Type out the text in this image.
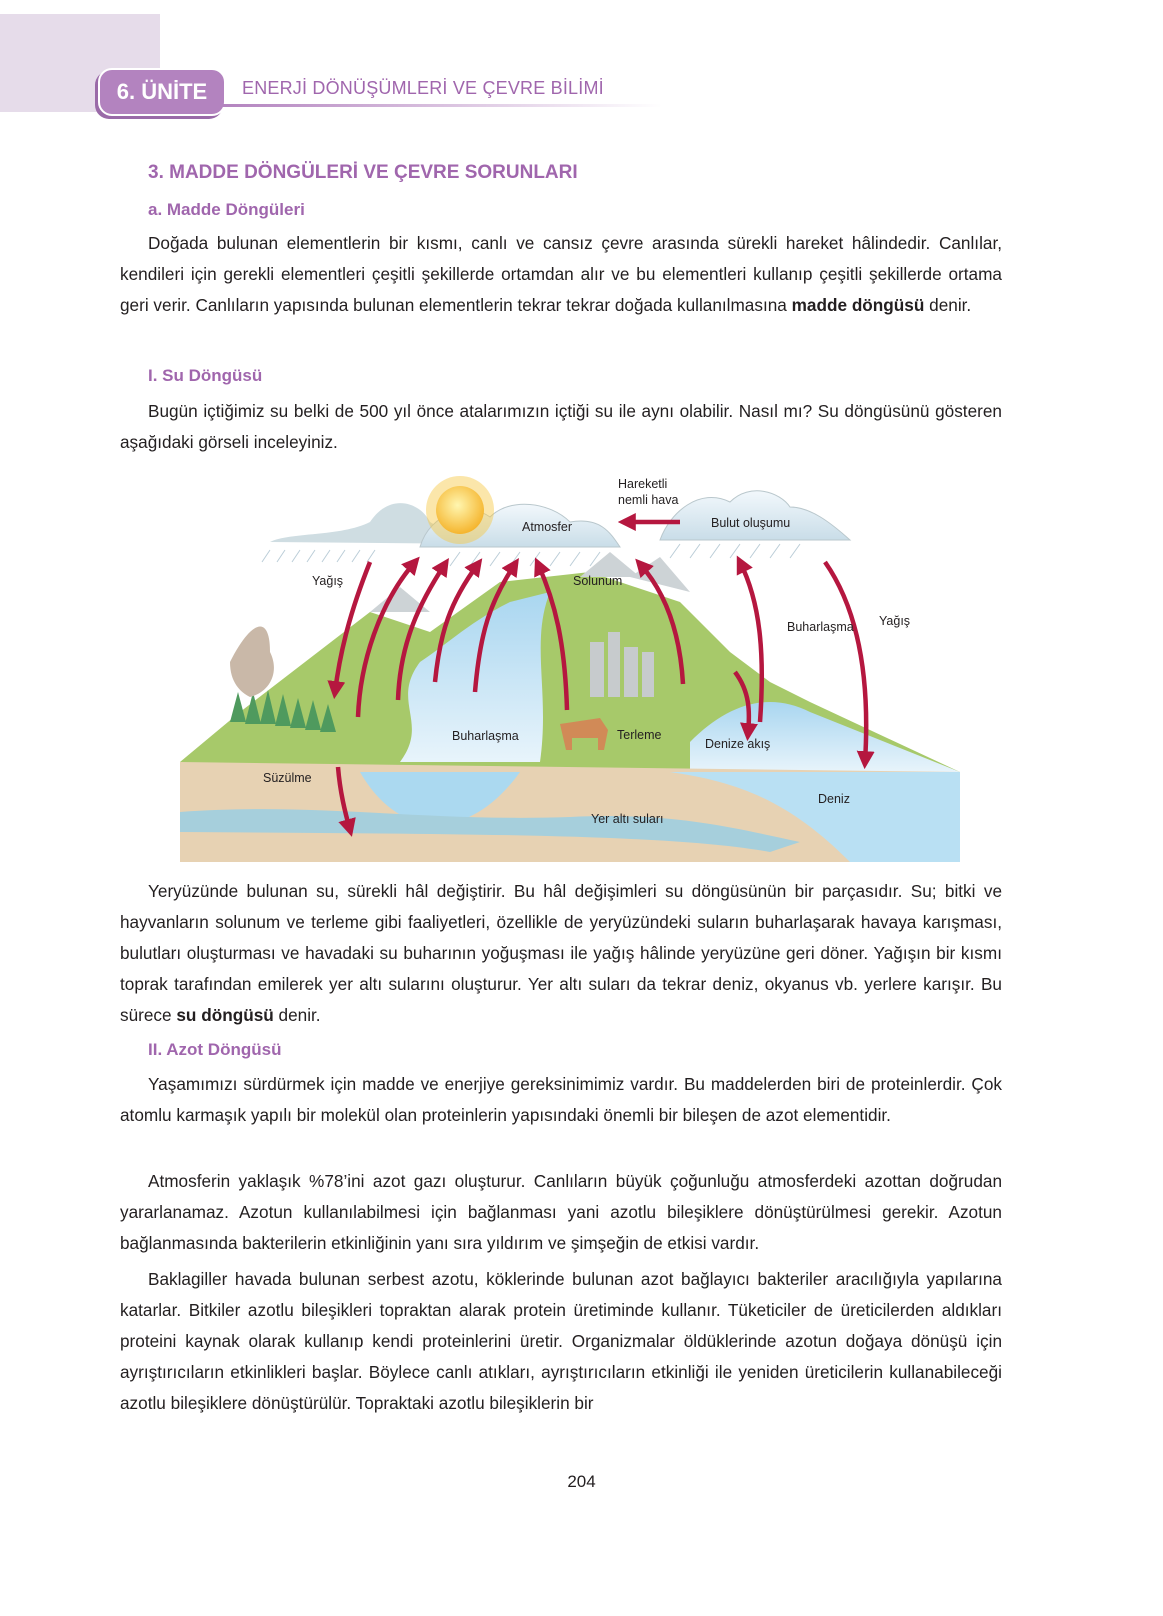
6. ÜNİTE	ENERJİ DÖNÜŞÜMLERİ VE ÇEVRE BİLİMİ
3. MADDE DÖNGÜLERİ VE ÇEVRE SORUNLARI
a. Madde Döngüleri

Doğada bulunan elementlerin bir kısmı, canlı ve cansız çevre arasında sürekli hareket hâlindedir. Canlılar, kendileri için gerekli elementleri çeşitli şekillerde ortamdan alır ve bu elementleri kullanıp çeşitli şekillerde ortama geri verir. Canlıların yapısında bulunan elementlerin tekrar tekrar doğada kullanılmasına madde döngüsü denir.

I. Su Döngüsü

Bugün içtiğimiz su belki de 500 yıl önce atalarımızın içtiği su ile aynı olabilir. Nasıl mı? Su döngüsünü gösteren aşağıdaki görseli inceleyiniz.

Hareketli
nemli hava
Atmosfer	Bulut oluşumu
Yağış	Solunum
Buharlaşma Yağış
Buharlaşma	Terleme
Denize akış
Süzülme
Deniz
Yer altı suları

Yeryüzünde bulunan su, sürekli hâl değiştirir. Bu hâl değişimleri su döngüsünün bir parçasıdır. Su; bitki ve hayvanların solunum ve terleme gibi faaliyetleri, özellikle de yeryüzündeki suların buharlaşarak havaya karışması, bulutları oluşturması ve havadaki su buharının yoğuşması ile yağış hâlinde yeryüzüne geri döner. Yağışın bir kısmı toprak tarafından emilerek yer altı sularını oluşturur. Yer altı suları da tekrar deniz, okyanus vb. yerlere karışır. Bu sürece su döngüsü denir.

II. Azot Döngüsü

Yaşamımızı sürdürmek için madde ve enerjiye gereksinimimiz vardır. Bu maddelerden biri de proteinlerdir. Çok atomlu karmaşık yapılı bir molekül olan proteinlerin yapısındaki önemli bir bileşen de azot elementidir.

Atmosferin yaklaşık %78’ini azot gazı oluşturur. Canlıların büyük çoğunluğu atmosferdeki azottan doğrudan yararlanamaz. Azotun kullanılabilmesi için bağlanması yani azotlu bileşiklere dönüştürülmesi gerekir. Azotun bağlanmasında bakterilerin etkinliğinin yanı sıra yıldırım ve şimşeğin de etkisi vardır.

Baklagiller havada bulunan serbest azotu, köklerinde bulunan azot bağlayıcı bakteriler aracılığıyla yapılarına katarlar. Bitkiler azotlu bileşikleri topraktan alarak protein üretiminde kullanır. Tüketiciler de üreticilerden aldıkları proteini kaynak olarak kullanıp kendi proteinlerini üretir. Organizmalar öldüklerinde azotun doğaya dönüşü için ayrıştırıcıların etkinlikleri başlar. Böylece canlı atıkları, ayrıştırıcıların etkinliği ile yeniden üreticilerin kullanabileceği azotlu bileşiklere dönüştürülür. Topraktaki azotlu bileşiklerin bir

204
